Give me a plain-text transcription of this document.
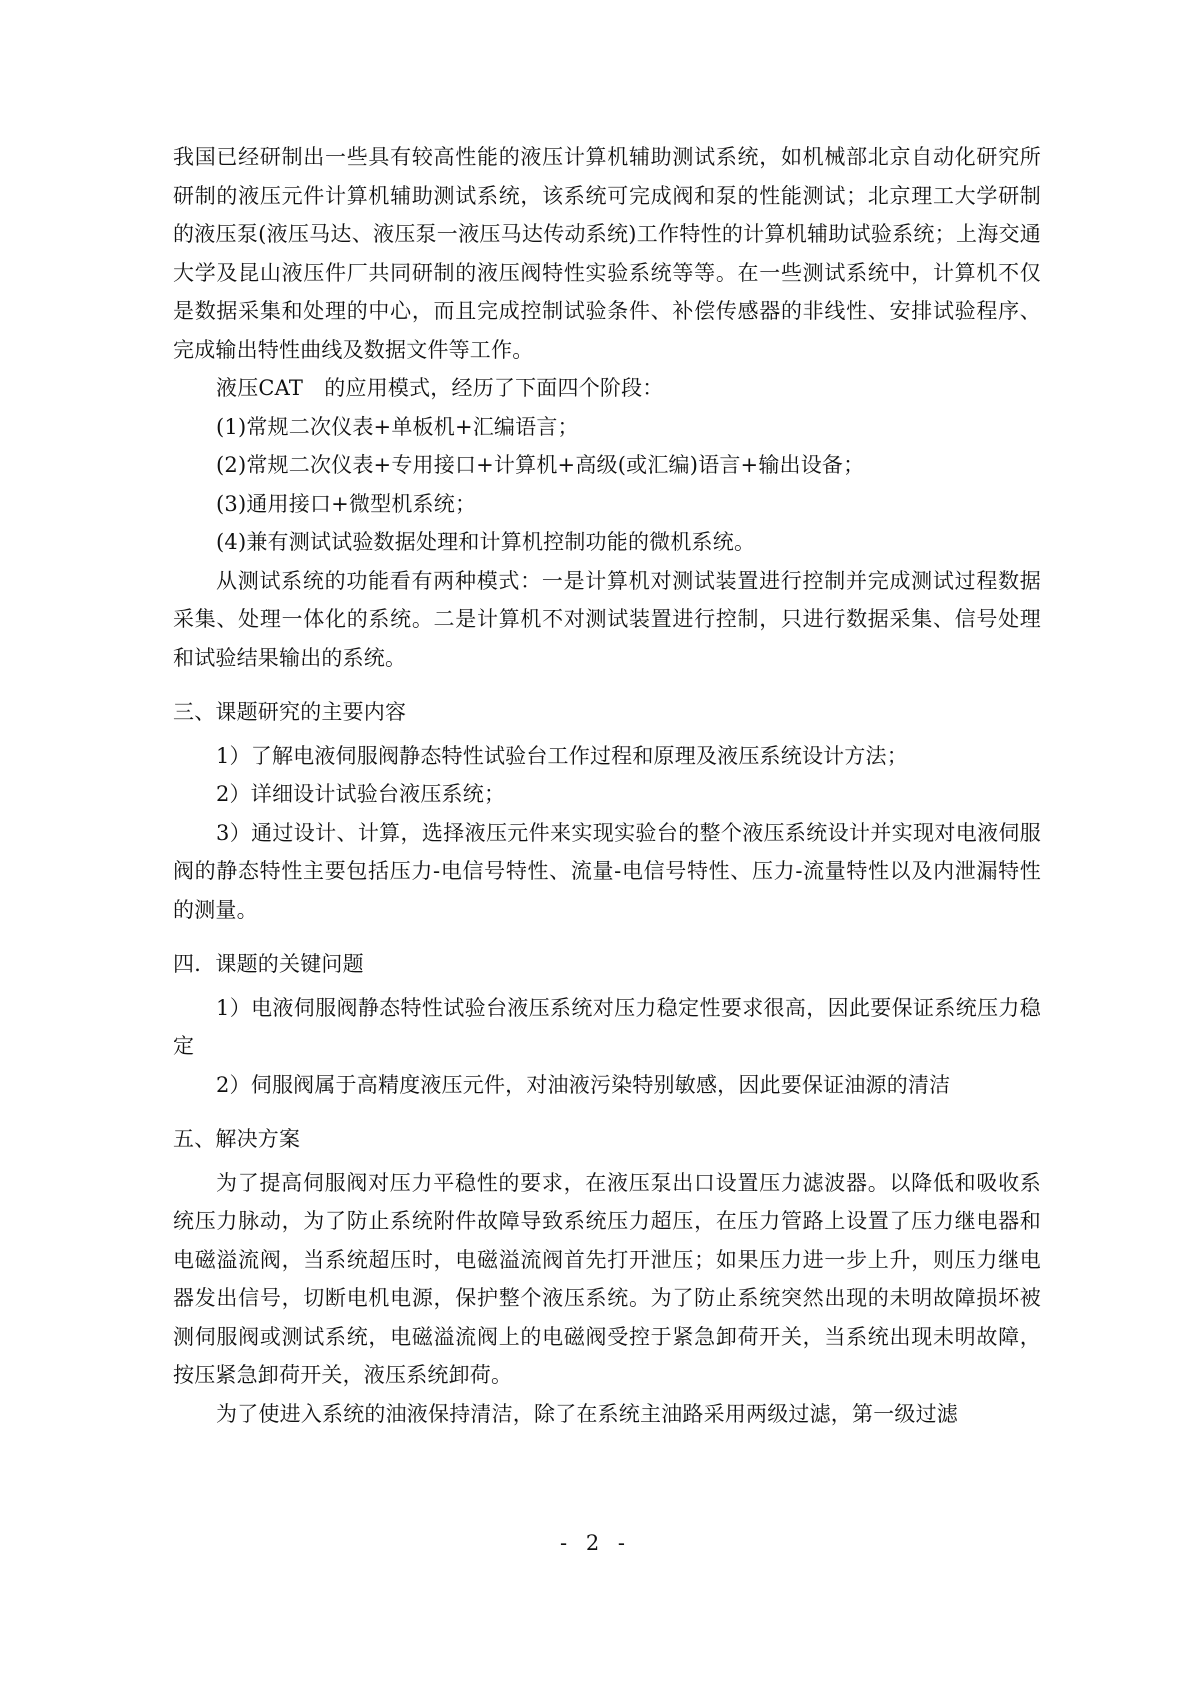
我国已经研制出一些具有较高性能的液压计算机辅助测试系统，如机械部北京自动化研究所研制的液压元件计算机辅助测试系统，该系统可完成阀和泵的性能测试；北京理工大学研制的液压泵(液压马达、液压泵一液压马达传动系统)工作特性的计算机辅助试验系统；上海交通大学及昆山液压件厂共同研制的液压阀特性实验系统等等。在一些测试系统中，计算机不仅是数据采集和处理的中心，而且完成控制试验条件、补偿传感器的非线性、安排试验程序、完成输出特性曲线及数据文件等工作。

液压CAT　的应用模式，经历了下面四个阶段：

(1)常规二次仪表+单板机+汇编语言；

(2)常规二次仪表+专用接口+计算机+高级(或汇编)语言+输出设备；

(3)通用接口+微型机系统；

(4)兼有测试试验数据处理和计算机控制功能的微机系统。

从测试系统的功能看有两种模式：一是计算机对测试装置进行控制并完成测试过程数据采集、处理一体化的系统。二是计算机不对测试装置进行控制，只进行数据采集、信号处理和试验结果输出的系统。

三、课题研究的主要内容

1）了解电液伺服阀静态特性试验台工作过程和原理及液压系统设计方法；

2）详细设计试验台液压系统；

3）通过设计、计算，选择液压元件来实现实验台的整个液压系统设计并实现对电液伺服阀的静态特性主要包括压力-电信号特性、流量-电信号特性、压力-流量特性以及内泄漏特性的测量。

四．课题的关键问题

1）电液伺服阀静态特性试验台液压系统对压力稳定性要求很高，因此要保证系统压力稳定

2）伺服阀属于高精度液压元件，对油液污染特别敏感，因此要保证油源的清洁

五、解决方案

为了提高伺服阀对压力平稳性的要求，在液压泵出口设置压力滤波器。以降低和吸收系统压力脉动，为了防止系统附件故障导致系统压力超压，在压力管路上设置了压力继电器和电磁溢流阀，当系统超压时，电磁溢流阀首先打开泄压；如果压力进一步上升，则压力继电器发出信号，切断电机电源，保护整个液压系统。为了防止系统突然出现的未明故障损坏被测伺服阀或测试系统，电磁溢流阀上的电磁阀受控于紧急卸荷开关，当系统出现未明故障，按压紧急卸荷开关，液压系统卸荷。

为了使进入系统的油液保持清洁，除了在系统主油路采用两级过滤，第一级过滤

- 2 -
